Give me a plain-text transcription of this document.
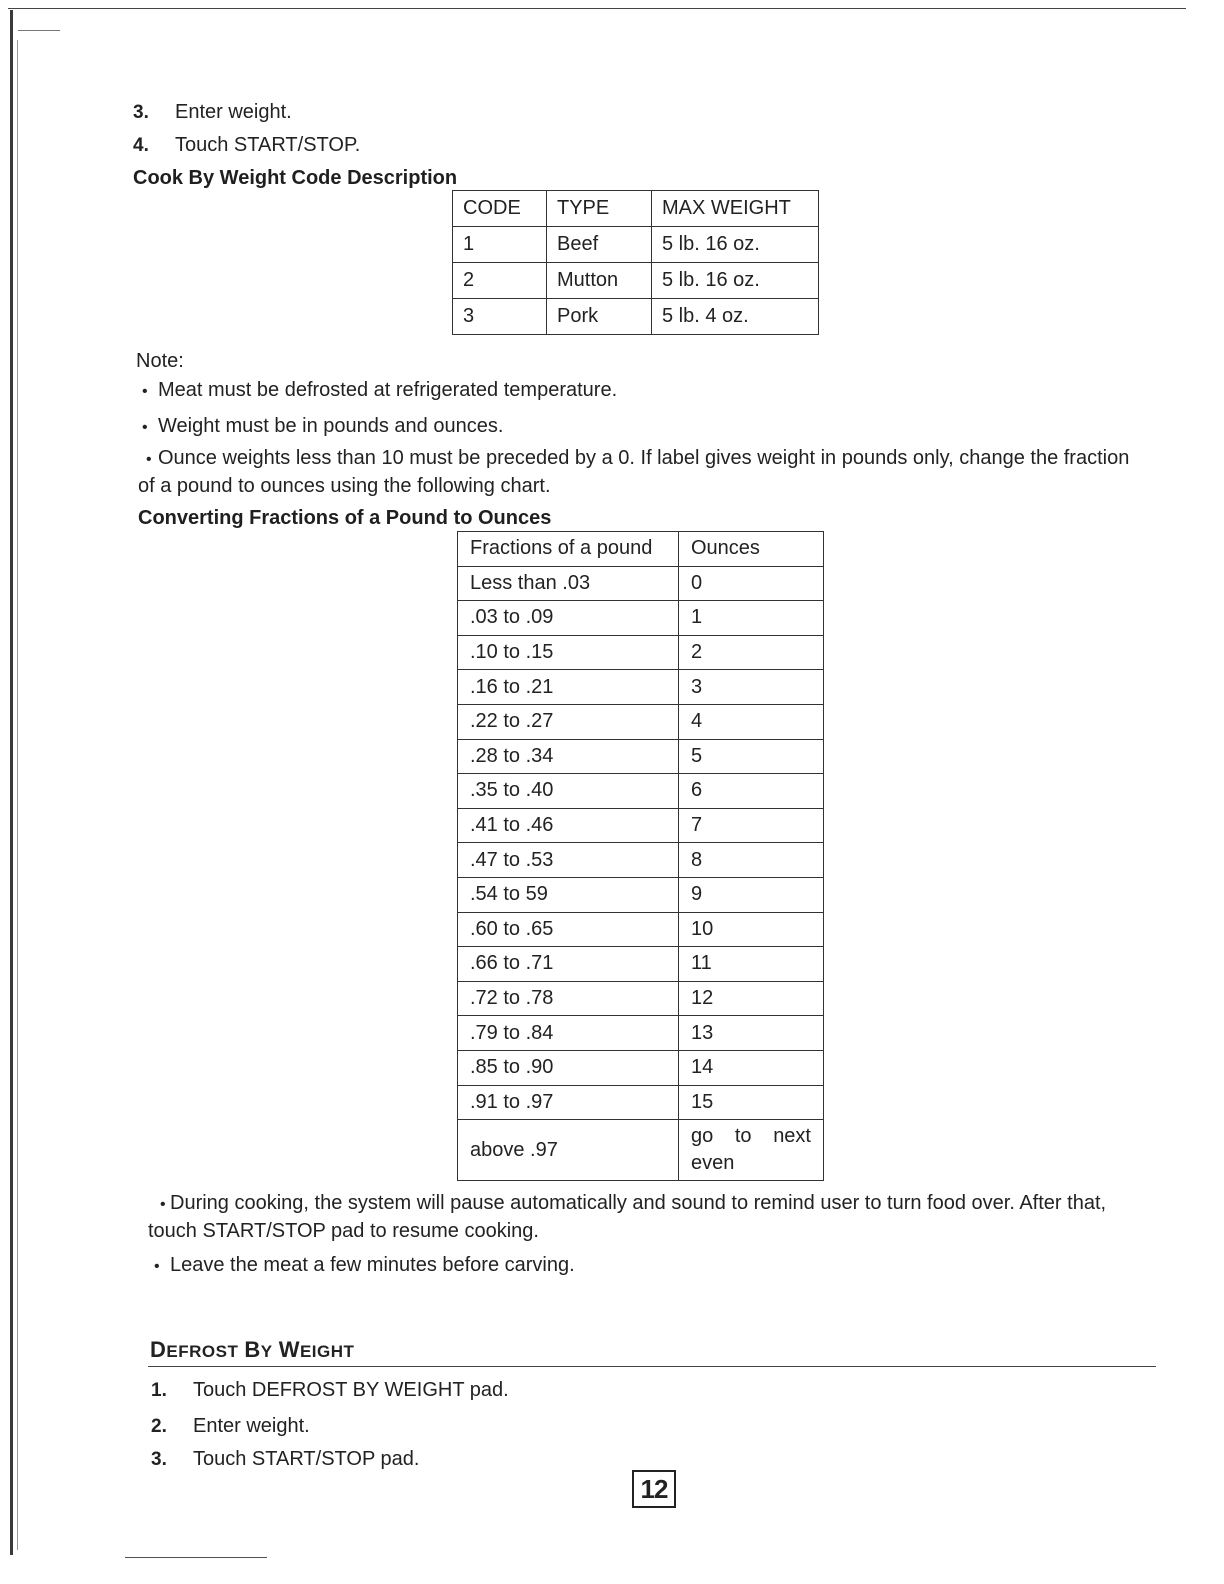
3. Enter weight.
4. Touch START/STOP.
Cook By Weight Code Description
CODE	TYPE	MAX WEIGHT
1	Beef	5 lb. 16 oz.
2	Mutton	5 lb. 16 oz.
3	Pork	5 lb. 4 oz.
Note:
• Meat must be defrosted at refrigerated temperature.
• Weight must be in pounds and ounces.
• Ounce weights less than 10 must be preceded by a 0. If label gives weight in pounds only, change the fraction of a pound to ounces using the following chart.
Converting Fractions of a Pound to Ounces
Fractions of a pound	Ounces
Less than .03	0
.03 to .09	1
.10 to .15	2
.16 to .21	3
.22 to .27	4
.28 to .34	5
.35 to .40	6
.41 to .46	7
.47 to .53	8
.54 to 59	9
.60 to .65	10
.66 to .71	11
.72 to .78	12
.79 to .84	13
.85 to .90	14
.91 to .97	15
above .97	go to next
even
• During cooking, the system will pause automatically and sound to remind user to turn food over. After that, touch START/STOP pad to resume cooking.
• Leave the meat a few minutes before carving.
DEFROST BY WEIGHT
1. Touch DEFROST BY WEIGHT pad.
2. Enter weight.
3. Touch START/STOP pad.
12
